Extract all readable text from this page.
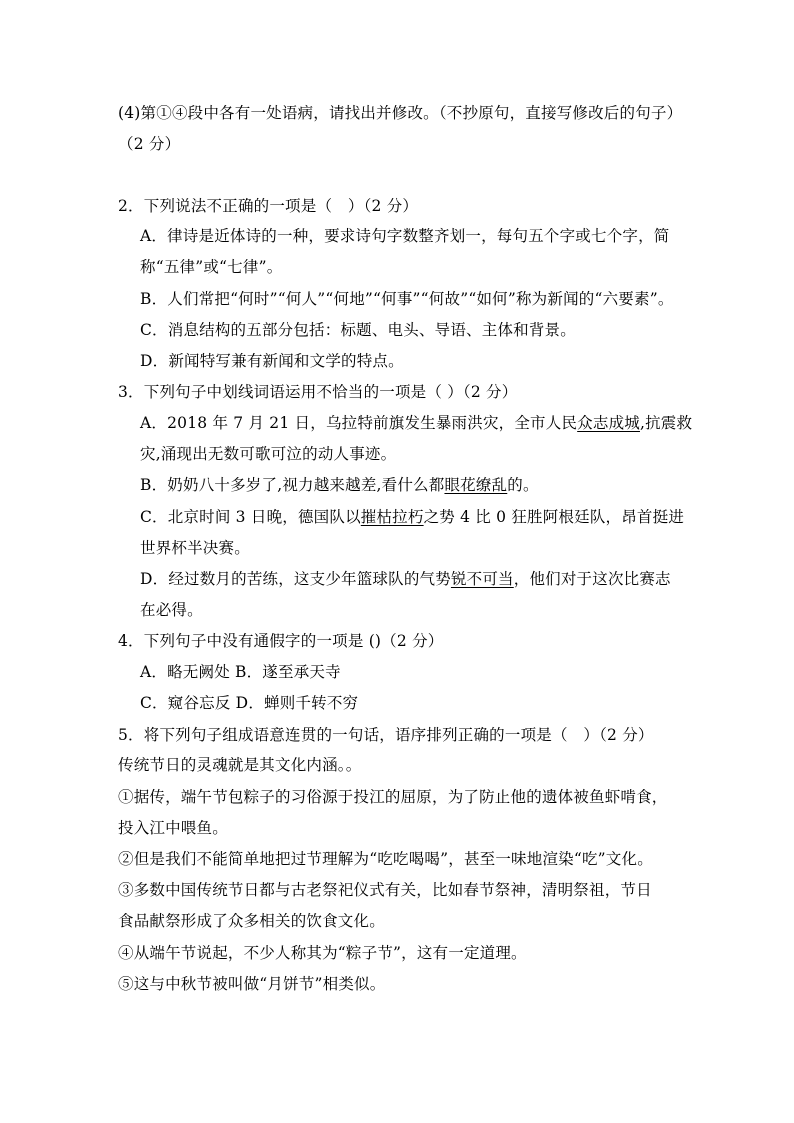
(4)第①④段中各有一处语病，请找出并修改。（不抄原句，直接写修改后的句子）
（2 分）
2．下列说法不正确的一项是（　）（2 分）
A．律诗是近体诗的一种，要求诗句字数整齐划一，每句五个字或七个字，简
称“五律”或“七律”。
B．人们常把“何时”“何人”“何地”“何事”“何故”“如何”称为新闻的“六要素”。
C．消息结构的五部分包括：标题、电头、导语、主体和背景。
D．新闻特写兼有新闻和文学的特点。
3．下列句子中划线词语运用不恰当的一项是（ ）（2 分）
A．2018 年 7 月 21 日，乌拉特前旗发生暴雨洪灾，全市人民众志成城,抗震救
灾,涌现出无数可歌可泣的动人事迹。
B．奶奶八十多岁了,视力越来越差,看什么都眼花缭乱的。
C．北京时间 3 日晚，德国队以摧枯拉朽之势 4 比 0 狂胜阿根廷队，昂首挺进
世界杯半决赛。
D．经过数月的苦练，这支少年篮球队的气势锐不可当，他们对于这次比赛志
在必得。
4．下列句子中没有通假字的一项是 ()（2 分）
A．略无阙处 B．遂至承天寺
C．窥谷忘反 D．蝉则千转不穷
5．将下列句子组成语意连贯的一句话，语序排列正确的一项是（　）（2 分）
传统节日的灵魂就是其文化内涵。。
①据传，端午节包粽子的习俗源于投江的屈原，为了防止他的遗体被鱼虾啃食，
投入江中喂鱼。
②但是我们不能简单地把过节理解为“吃吃喝喝”，甚至一味地渲染“吃”文化。
③多数中国传统节日都与古老祭祀仪式有关，比如春节祭神，清明祭祖，节日
食品献祭形成了众多相关的饮食文化。
④从端午节说起，不少人称其为“粽子节”，这有一定道理。
⑤这与中秋节被叫做“月饼节”相类似。
